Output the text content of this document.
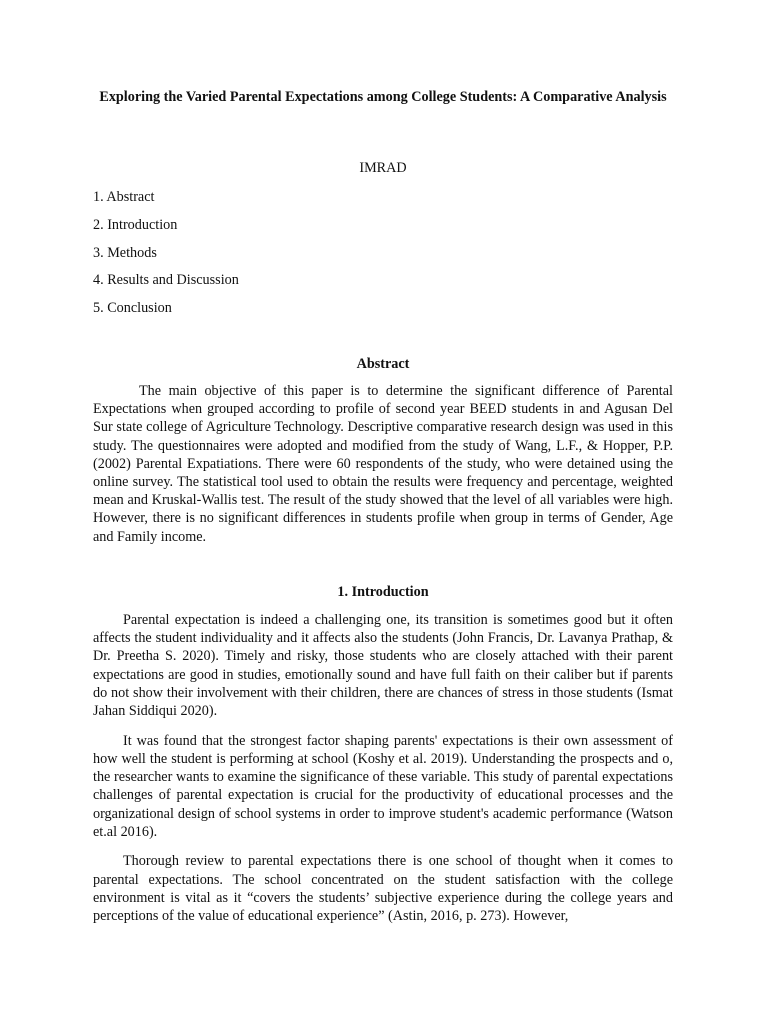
Exploring the Varied Parental Expectations among College Students: A Comparative Analysis

IMRAD

1. Abstract
2. Introduction
3. Methods
4. Results and Discussion
5. Conclusion
Abstract

The main objective of this paper is to determine the significant difference of Parental Expectations when grouped according to profile of second year BEED students in and Agusan Del Sur state college of Agriculture Technology. Descriptive comparative research design was used in this study. The questionnaires were adopted and modified from the study of Wang, L.F., & Hopper, P.P. (2002) Parental Expatiations. There were 60 respondents of the study, who were detained using the online survey. The statistical tool used to obtain the results were frequency and percentage, weighted mean and Kruskal-Wallis test. The result of the study showed that the level of all variables were high. However, there is no significant differences in students profile when group in terms of Gender, Age and Family income.

1. Introduction

Parental expectation is indeed a challenging one, its transition is sometimes good but it often affects the student individuality and it affects also the students (John Francis, Dr. Lavanya Prathap, & Dr. Preetha S. 2020). Timely and risky, those students who are closely attached with their parent expectations are good in studies, emotionally sound and have full faith on their caliber but if parents do not show their involvement with their children, there are chances of stress in those students (Ismat Jahan Siddiqui 2020).

It was found that the strongest factor shaping parents' expectations is their own assessment of how well the student is performing at school (Koshy et al. 2019). Understanding the prospects and o, the researcher wants to examine the significance of these variable. This study of parental expectations challenges of parental expectation is crucial for the productivity of educational processes and the organizational design of school systems in order to improve student's academic performance (Watson et.al 2016).

Thorough review to parental expectations there is one school of thought when it comes to parental expectations. The school concentrated on the student satisfaction with the college environment is vital as it “covers the students’ subjective experience during the college years and perceptions of the value of educational experience” (Astin, 2016, p. 273). However,
